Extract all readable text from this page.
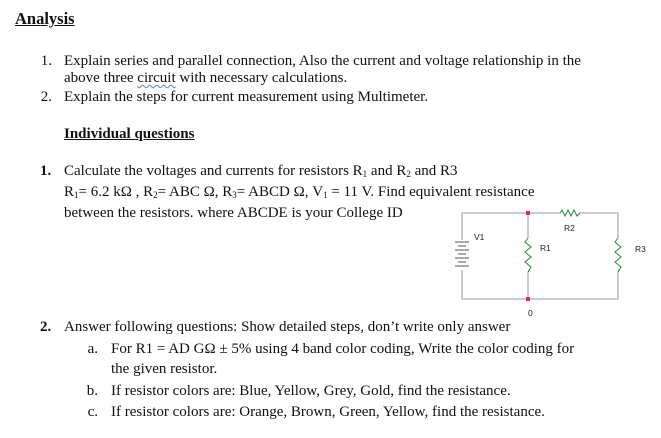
Analysis
1. Explain series and parallel connection, Also the current and voltage relationship in the
above three circuit with necessary calculations.
2. Explain the steps for current measurement using Multimeter.
Individual questions
1. Calculate the voltages and currents for resistors $R_1$ and $R_2$ and R3
$R_1= 6.2$ kΩ , $R_2=$ ABC Ω, $R_3=$ ABCD Ω, $V_1 = 11$ V. Find equivalent resistance
between the resistors. where ABCDE is your College ID
V1
R1
R2
R3
0
2. Answer following questions: Show detailed steps, don’t write only answer
a. For R1 = AD GΩ ± 5% using 4 band color coding, Write the color coding for
the given resistor.
b. If resistor colors are: Blue, Yellow, Grey, Gold, find the resistance.
c. If resistor colors are: Orange, Brown, Green, Yellow, find the resistance.
